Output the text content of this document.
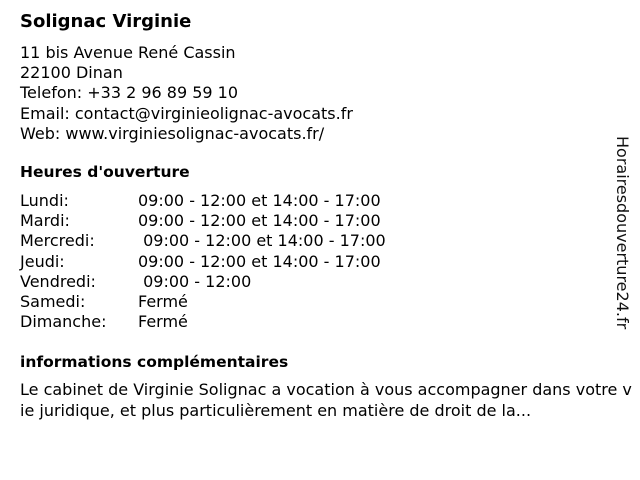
Solignac Virginie
11 bis Avenue René Cassin
22100 Dinan
Telefon: +33 2 96 89 59 10
Email: contact@virginieolignac-avocats.fr
Web: www.virginiesolignac-avocats.fr/
Heures d'ouverture
Lundi:	09:00 - 12:00 et 14:00 - 17:00
Mardi:	09:00 - 12:00 et 14:00 - 17:00
Mercredi:	09:00 - 12:00 et 14:00 - 17:00
Jeudi:	09:00 - 12:00 et 14:00 - 17:00
Vendredi:	09:00 - 12:00
Samedi:	Fermé
Dimanche:	Fermé
informations complémentaires
Le cabinet de Virginie Solignac a vocation à vous accompagner dans votre vie juridique, et plus particulièrement en matière de droit de la...
Horairesdouverture24.fr
